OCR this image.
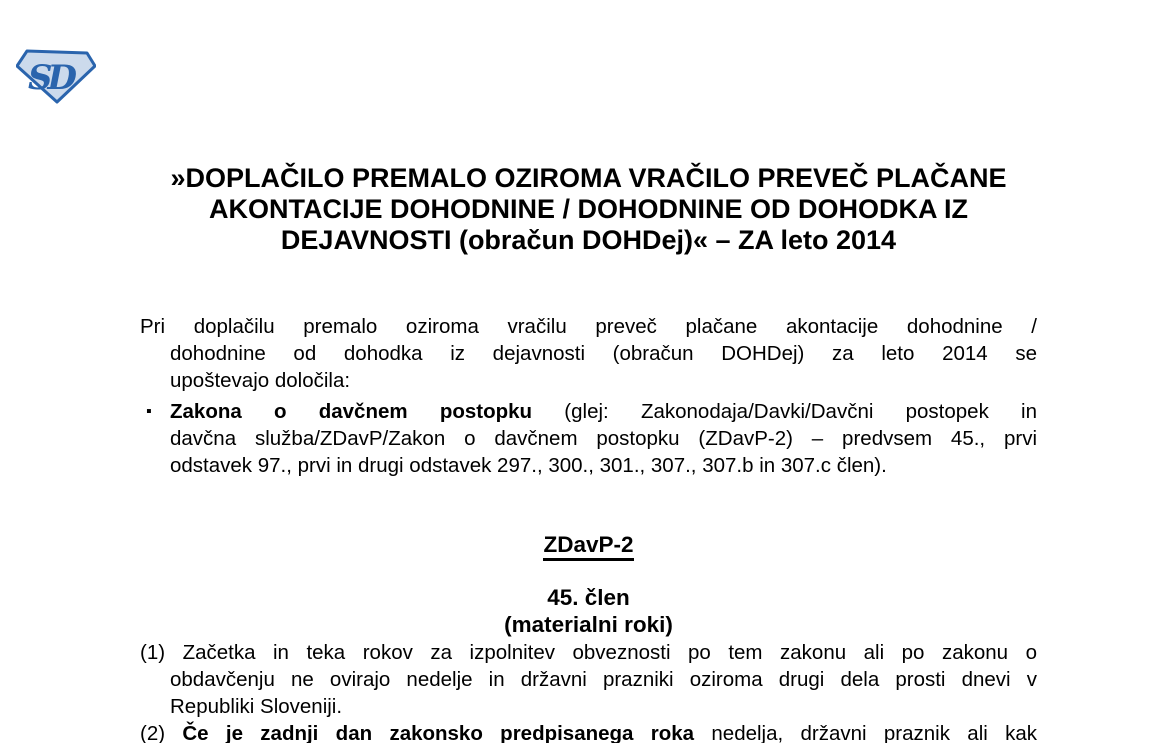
SD
»DOPLAČILO PREMALO OZIROMA VRAČILO PREVEČ PLAČANE
AKONTACIJE DOHODNINE / DOHODNINE OD DOHODKA IZ
DEJAVNOSTI (obračun DOHDej)« – ZA leto 2014
Pri doplačilu premalo oziroma vračilu preveč plačane akontacije dohodnine /
dohodnine od dohodka iz dejavnosti (obračun DOHDej) za leto 2014 se
upoštevajo določila:
▪ Zakona o davčnem postopku (glej: Zakonodaja/Davki/Davčni postopek in
davčna služba/ZDavP/Zakon o davčnem postopku (ZDavP-2) – predvsem 45., prvi
odstavek 97., prvi in drugi odstavek 297., 300., 301., 307., 307.b in 307.c člen).
ZDavP-2
45. člen
(materialni roki)
(1) Začetka in teka rokov za izpolnitev obveznosti po tem zakonu ali po zakonu o
obdavčenju ne ovirajo nedelje in državni prazniki oziroma drugi dela prosti dnevi v
Republiki Sloveniji.
(2) Če je zadnji dan zakonsko predpisanega roka nedelja, državni praznik ali kak
